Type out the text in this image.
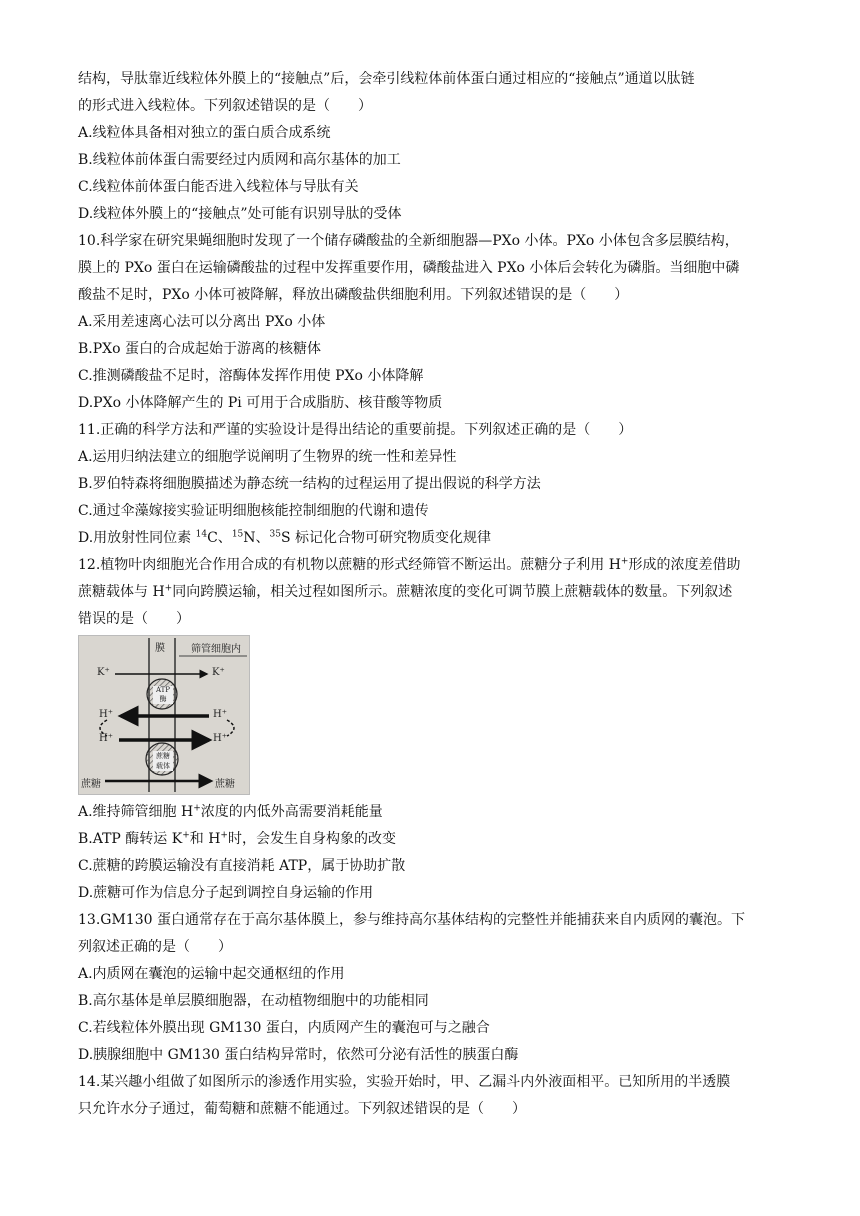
结构，导肽靠近线粒体外膜上的“接触点”后，会牵引线粒体前体蛋白通过相应的“接触点”通道以肽链
的形式进入线粒体。下列叙述错误的是（　　）
A.线粒体具备相对独立的蛋白质合成系统
B.线粒体前体蛋白需要经过内质网和高尔基体的加工
C.线粒体前体蛋白能否进入线粒体与导肽有关
D.线粒体外膜上的“接触点”处可能有识别导肽的受体
10.科学家在研究果蝇细胞时发现了一个储存磷酸盐的全新细胞器—PXo 小体。PXo 小体包含多层膜结构，
膜上的 PXo 蛋白在运输磷酸盐的过程中发挥重要作用，磷酸盐进入 PXo 小体后会转化为磷脂。当细胞中磷
酸盐不足时，PXo 小体可被降解，释放出磷酸盐供细胞利用。下列叙述错误的是（　　）
A.采用差速离心法可以分离出 PXo 小体
B.PXo 蛋白的合成起始于游离的核糖体
C.推测磷酸盐不足时，溶酶体发挥作用使 PXo 小体降解
D.PXo 小体降解产生的 Pi 可用于合成脂肪、核苷酸等物质
11.正确的科学方法和严谨的实验设计是得出结论的重要前提。下列叙述正确的是（　　）
A.运用归纳法建立的细胞学说阐明了生物界的统一性和差异性
B.罗伯特森将细胞膜描述为静态统一结构的过程运用了提出假说的科学方法
C.通过伞藻嫁接实验证明细胞核能控制细胞的代谢和遗传
D.用放射性同位素 $^{14}$C、$^{15}$N、$^{35}$S 标记化合物可研究物质变化规律
12.植物叶肉细胞光合作用合成的有机物以蔗糖的形式经筛管不断运出。蔗糖分子利用 H+形成的浓度差借助
蔗糖载体与 H+同向跨膜运输，相关过程如图所示。蔗糖浓度的变化可调节膜上蔗糖载体的数量。下列叙述
错误的是（　　）
膜	筛管细胞内
K⁺	K⁺
ATP 酶
H⁺	H⁺
H⁺	H⁺
蔗糖 载体
蔗糖	蔗糖
A.维持筛管细胞 H+浓度的内低外高需要消耗能量
B.ATP 酶转运 K+和 H+时，会发生自身构象的改变
C.蔗糖的跨膜运输没有直接消耗 ATP，属于协助扩散
D.蔗糖可作为信息分子起到调控自身运输的作用
13.GM130 蛋白通常存在于高尔基体膜上，参与维持高尔基体结构的完整性并能捕获来自内质网的囊泡。下
列叙述正确的是（　　）
A.内质网在囊泡的运输中起交通枢纽的作用
B.高尔基体是单层膜细胞器，在动植物细胞中的功能相同
C.若线粒体外膜出现 GM130 蛋白，内质网产生的囊泡可与之融合
D.胰腺细胞中 GM130 蛋白结构异常时，依然可分泌有活性的胰蛋白酶
14.某兴趣小组做了如图所示的渗透作用实验，实验开始时，甲、乙漏斗内外液面相平。已知所用的半透膜
只允许水分子通过，葡萄糖和蔗糖不能通过。下列叙述错误的是（　　）
